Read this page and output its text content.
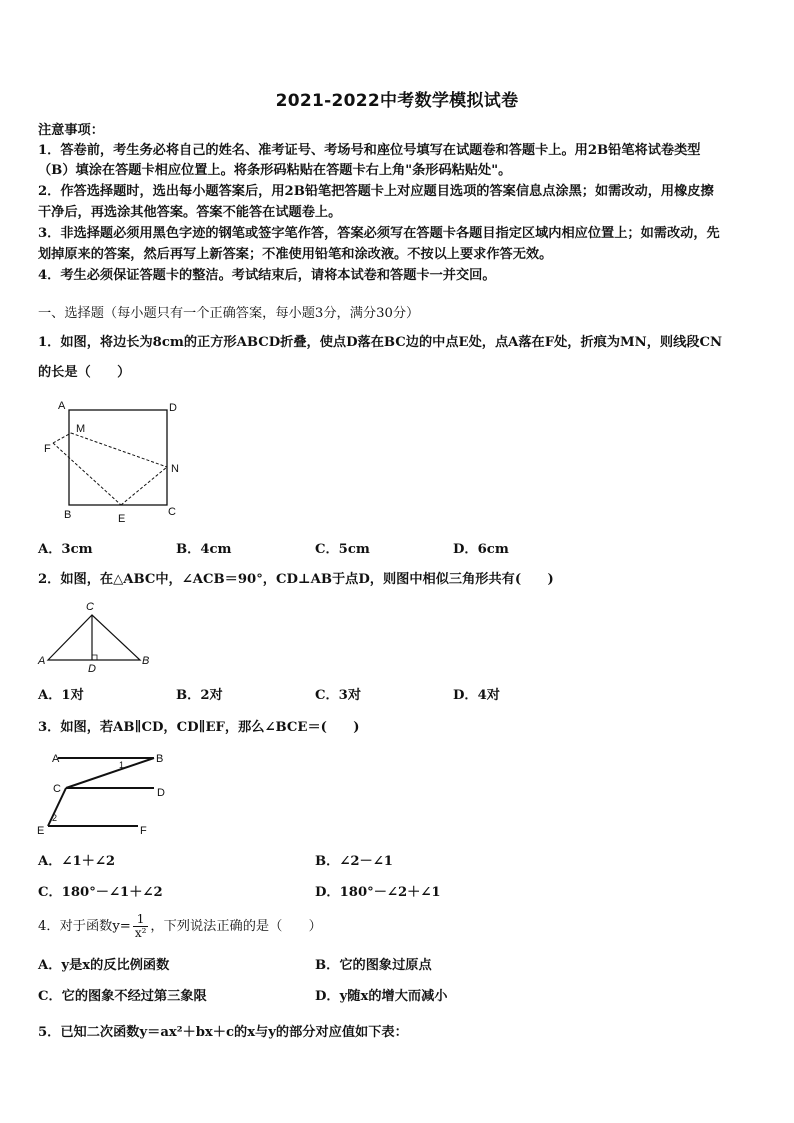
2021-2022中考数学模拟试卷
注意事项：
1．答卷前，考生务必将自己的姓名、准考证号、考场号和座位号填写在试题卷和答题卡上。用2B铅笔将试卷类型
（B）填涂在答题卡相应位置上。将条形码粘贴在答题卡右上角"条形码粘贴处"。
2．作答选择题时，选出每小题答案后，用2B铅笔把答题卡上对应题目选项的答案信息点涂黑；如需改动，用橡皮擦
干净后，再选涂其他答案。答案不能答在试题卷上。
3．非选择题必须用黑色字迹的钢笔或签字笔作答，答案必须写在答题卡各题目指定区域内相应位置上；如需改动，先
划掉原来的答案，然后再写上新答案；不准使用铅笔和涂改液。不按以上要求作答无效。
4．考生必须保证答题卡的整洁。考试结束后，请将本试卷和答题卡一并交回。
一、选择题（每小题只有一个正确答案，每小题3分，满分30分）
1．如图，将边长为8cm的正方形ABCD折叠，使点D落在BC边的中点E处，点A落在F处，折痕为MN，则线段CN
的长是（　　）
A	D
M
F
N
B	E
C
A．3cm	B．4cm	C．5cm	D．6cm
2．如图，在△ABC中，∠ACB＝90°，CD⊥AB于点D，则图中相似三角形共有(　　)
C
A
D
B
A．1对	B．2对	C．3对	D．4对
3．如图，若AB∥CD，CD∥EF，那么∠BCE＝(　　)
A	B
C	D
E	F
1
2
A．∠1＋∠2	B．∠2－∠1
C．180°－∠1＋∠2	D．180°－∠2＋∠1
4．对于函数$y= \frac{1}{\text{x²}}$ ，下列说法正确的是（　　）
A．y是x的反比例函数	B．它的图象过原点
C．它的图象不经过第三象限	D．y随x的增大而减小
5．已知二次函数y＝ax²＋bx＋c的x与y的部分对应值如下表：
